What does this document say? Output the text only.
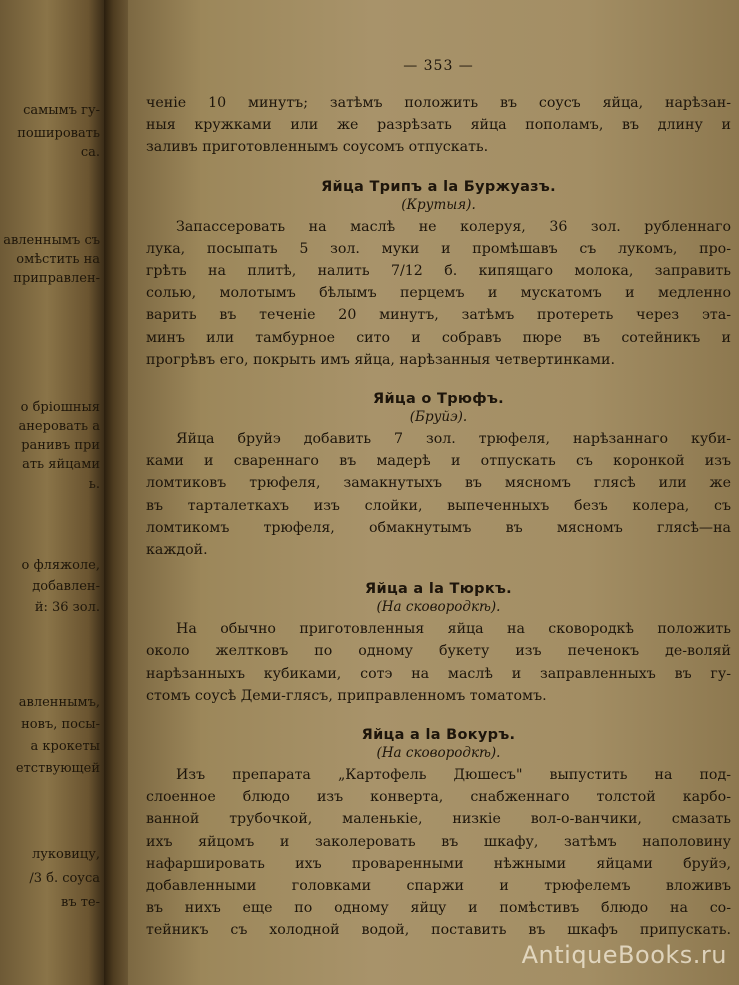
самымъ гу-
пошировать
са.
авленнымъ съ
омѣстить на
приправлен-
о бріошныя
анеровать а
ранивъ при
ать яйцами
ь.
о фляжоле,
добавлен-
й: 36 зол.
авленнымъ,
новъ, посы-
а крокеты
етствующей
луковицу,
/3 б. соуса
въ те-
— 353 —
ченіе 10 минутъ; затѣмъ положить въ соусъ яйца, нарѣзан-
ныя кружками или же разрѣзать яйца пополамъ, въ длину и
заливъ приготовленнымъ соусомъ отпускать.
Яйца Трипъ a la Буржуазъ.
(Крутыя).
Запассеровать на маслѣ не колеруя, 36 зол. рубленнаго
лука, посыпать 5 зол. муки и промѣшавъ съ лукомъ, про-
грѣть на плитѣ, налить 7/12 б. кипящаго молока, заправить
солью, молотымъ бѣлымъ перцемъ и мускатомъ и медленно
варить въ теченіе 20 минутъ, затѣмъ протереть через эта-
минъ или тамбурное сито и собравъ пюре въ сотейникъ и
прогрѣвъ его, покрыть имъ яйца, нарѣзанныя четвертинками.
Яйца о Трюфъ.
(Бруйэ).
Яйца бруйэ добавить 7 зол. трюфеля, нарѣзаннаго куби-
ками и свареннаго въ мадерѣ и отпускать съ коронкой изъ
ломтиковъ трюфеля, замакнутыхъ въ мясномъ глясѣ или же
въ тарталеткахъ изъ слойки, выпеченныхъ безъ колера, съ
ломтикомъ трюфеля, обмакнутымъ въ мясномъ глясѣ—на
каждой.
Яйца а la Тюркъ.
(На сковородкѣ).
На обычно приготовленныя яйца на сковородкѣ положить
около желтковъ по одному букету изъ печенокъ де-воляй
нарѣзанныхъ кубиками, сотэ на маслѣ и заправленныхъ въ гу-
стомъ соусѣ Деми-глясъ, приправленномъ томатомъ.
Яйца а la Вокуръ.
(На сковородкѣ).
Изъ препарата „Картофель Дюшесъ" выпустить на под-
слоенное блюдо изъ конверта, снабженнаго толстой карбо-
ванной трубочкой, маленькіе, низкіе вол-о-ванчики, смазать
ихъ яйцомъ и заколеровать въ шкафу, затѣмъ наполовину
нафаршировать ихъ проваренными нѣжными яйцами бруйэ,
добавленными головками спаржи и трюфелемъ вложивъ
въ нихъ еще по одному яйцу и помѣстивъ блюдо на со-
тейникъ съ холодной водой, поставить въ шкафъ припускать.
AntiqueBooks.ru
